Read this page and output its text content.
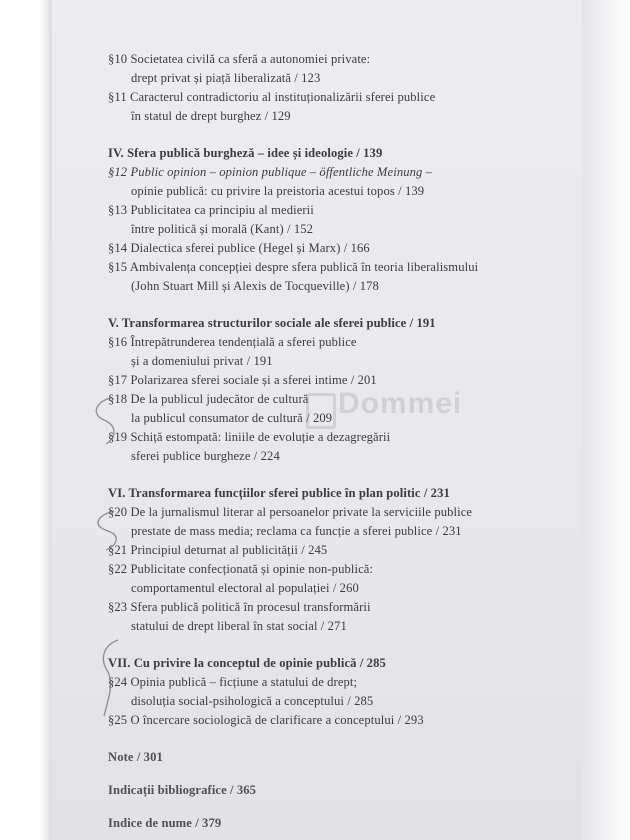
§10 Societatea civilă ca sferă a autonomiei private:
drept privat și piață liberalizată / 123
§11 Caracterul contradictoriu al instituționalizării sferei publice
în statul de drept burghez / 129
IV. Sfera publică burgheză – idee și ideologie / 139
§12 Public opinion – opinion publique – öffentliche Meinung –
opinie publică: cu privire la preistoria acestui topos / 139
§13 Publicitatea ca principiu al medierii
între politică și morală (Kant) / 152
§14 Dialectica sferei publice (Hegel și Marx) / 166
§15 Ambivalența concepției despre sfera publică în teoria liberalismului
(John Stuart Mill și Alexis de Tocqueville) / 178
V. Transformarea structurilor sociale ale sferei publice / 191
§16 Întrepătrunderea tendențială a sferei publice
și a domeniului privat / 191
§17 Polarizarea sferei sociale și a sferei intime / 201
§18 De la publicul judecător de cultură
la publicul consumator de cultură / 209
§19 Schiță estompată: liniile de evoluție a dezagregării
sferei publice burgheze / 224
VI. Transformarea funcțiilor sferei publice în plan politic / 231
§20 De la jurnalismul literar al persoanelor private la serviciile publice
prestate de mass media; reclama ca funcție a sferei publice / 231
§21 Principiul deturnat al publicității / 245
§22 Publicitate confecționată și opinie non-publică:
comportamentul electoral al populației / 260
§23 Sfera publică politică în procesul transformării
statului de drept liberal în stat social / 271
VII. Cu privire la conceptul de opinie publică / 285
§24 Opinia publică – ficțiune a statului de drept;
disoluția social-psihologică a conceptului / 285
§25 O încercare sociologică de clarificare a conceptului / 293
Note / 301
Indicații bibliografice / 365
Indice de nume / 379
Dommei
